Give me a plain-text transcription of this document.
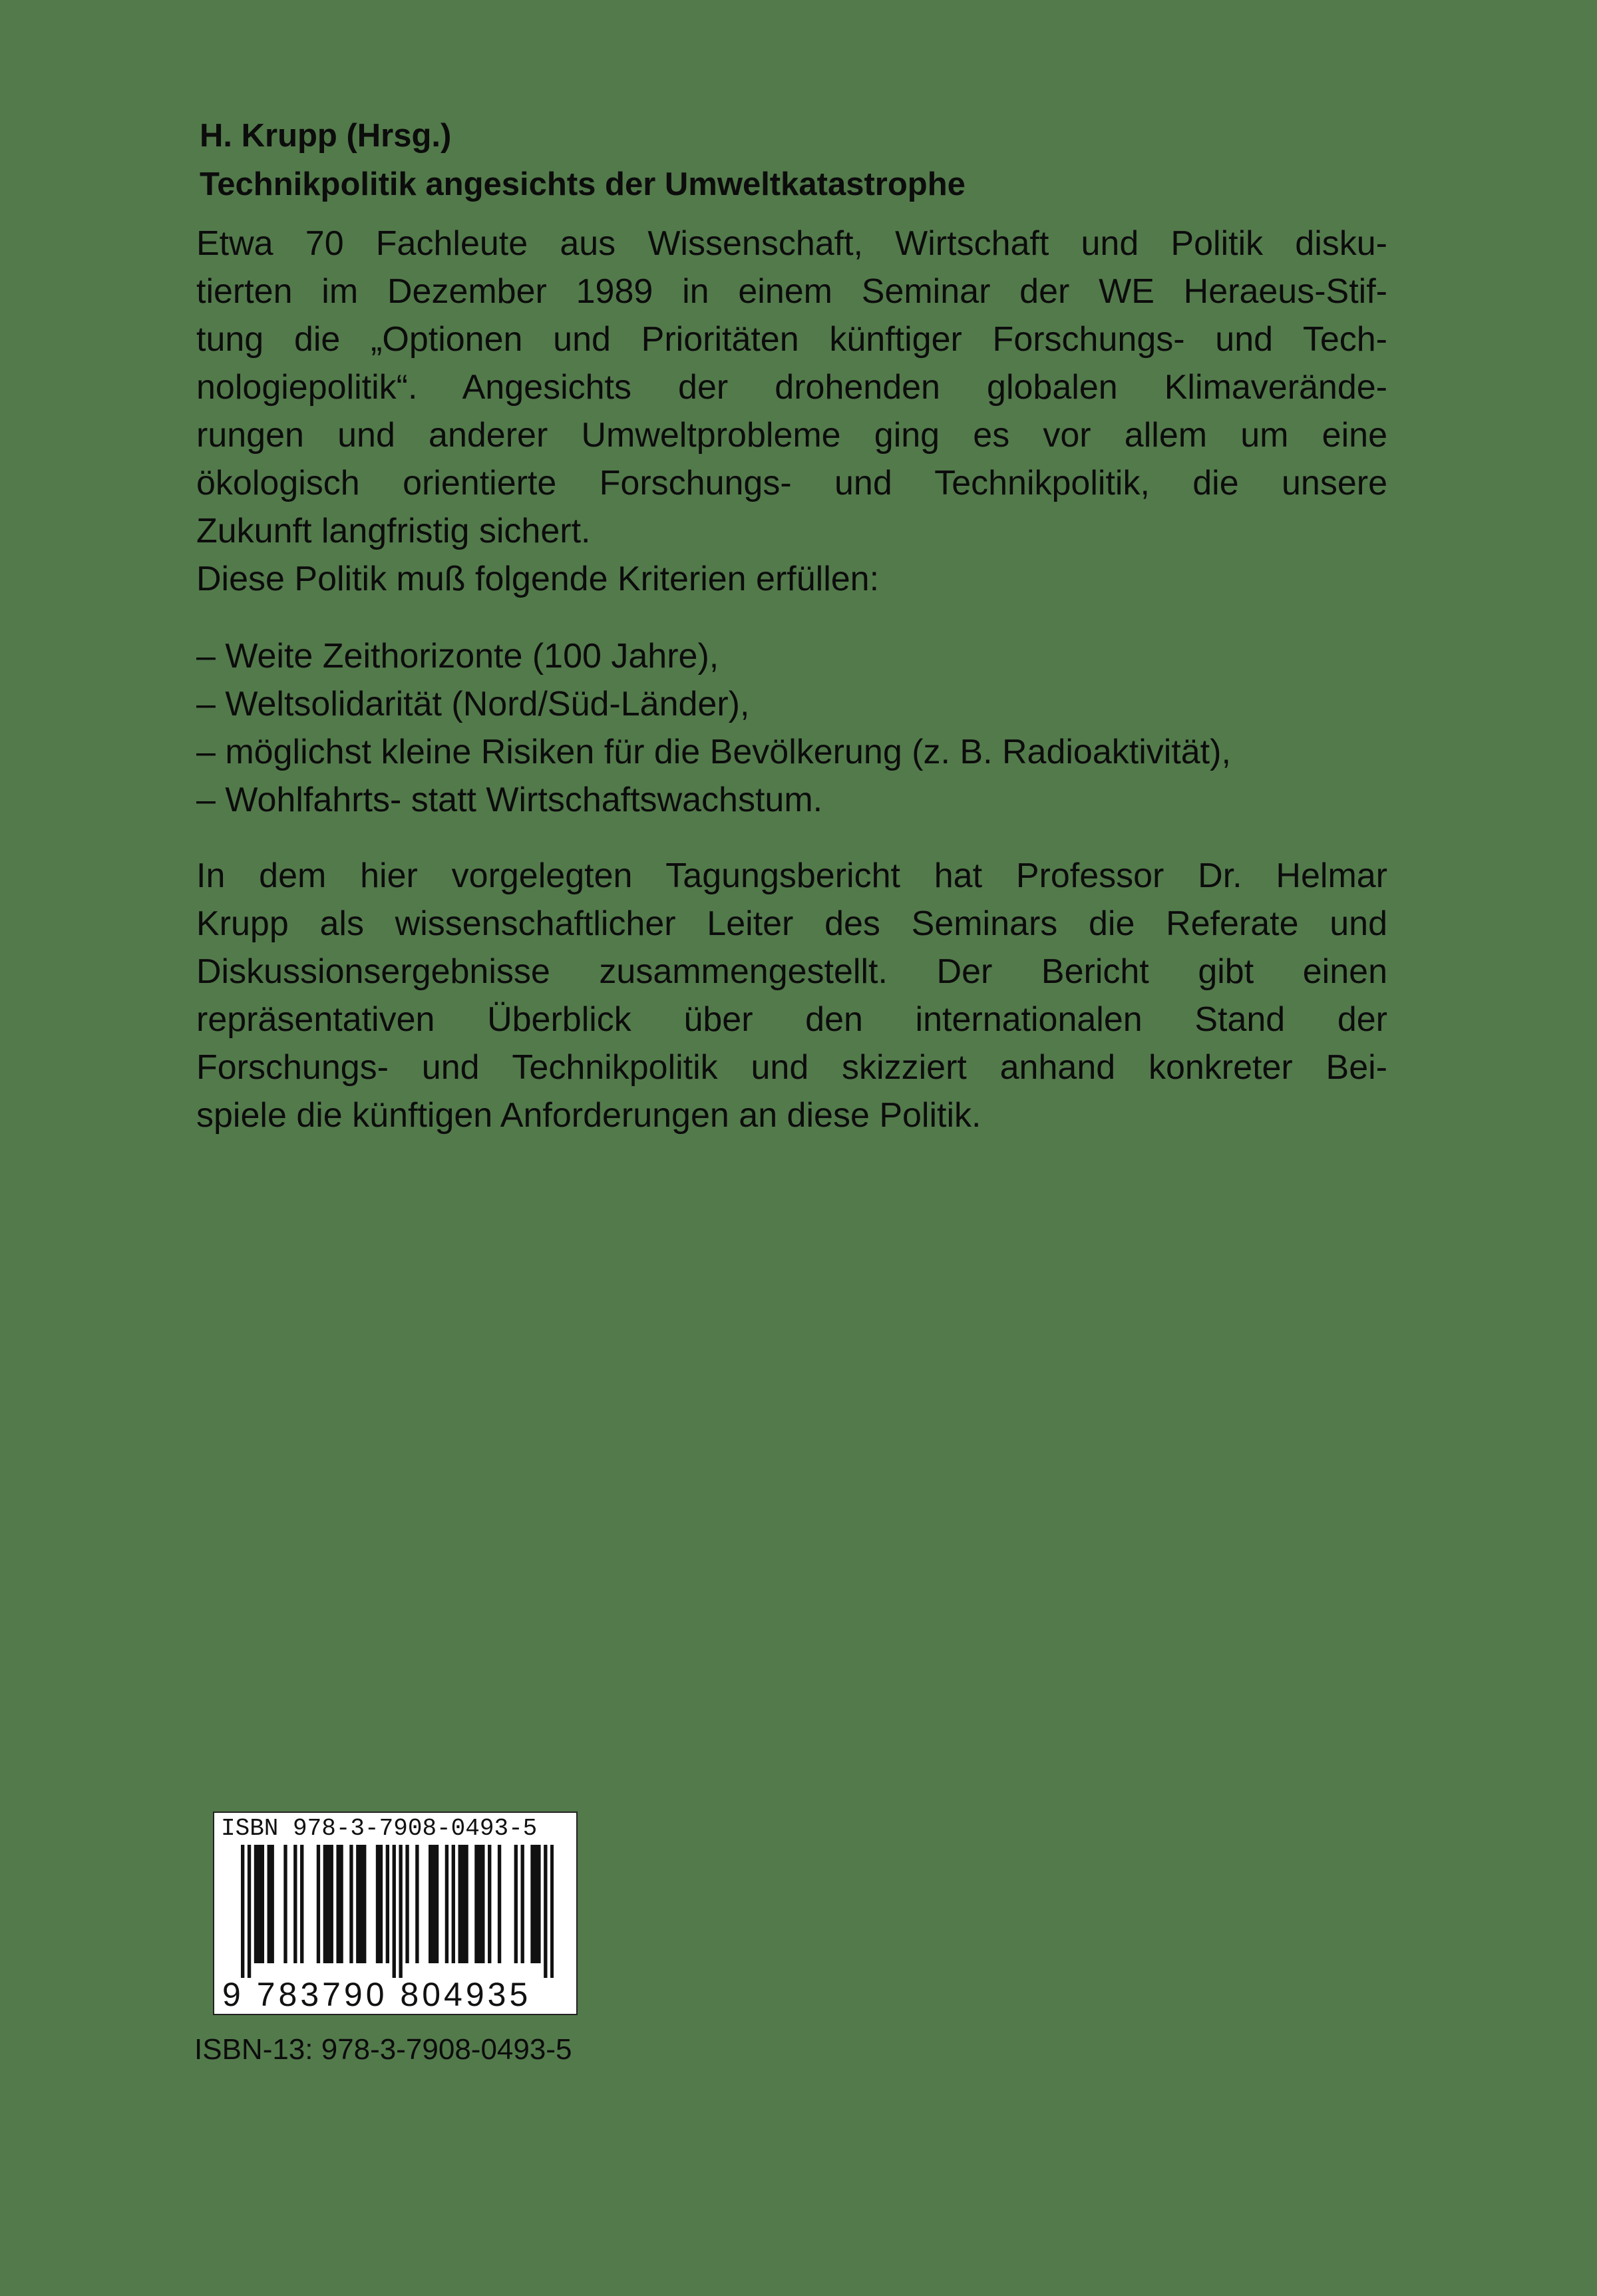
H. Krupp (Hrsg.)
Technikpolitik angesichts der Umweltkatastrophe
Etwa 70 Fachleute aus Wissenschaft, Wirtschaft und Politik disku-
tierten im Dezember 1989 in einem Seminar der WE Heraeus-Stif-
tung die „Optionen und Prioritäten künftiger Forschungs- und Tech-
nologiepolitik“. Angesichts der drohenden globalen Klimaverände-
rungen und anderer Umweltprobleme ging es vor allem um eine
ökologisch orientierte Forschungs- und Technikpolitik, die unsere
Zukunft langfristig sichert.
Diese Politik muß folgende Kriterien erfüllen:
– Weite Zeithorizonte (100 Jahre),
– Weltsolidarität (Nord/Süd-Länder),
– möglichst kleine Risiken für die Bevölkerung (z. B. Radioaktivität),
– Wohlfahrts- statt Wirtschaftswachstum.
In dem hier vorgelegten Tagungsbericht hat Professor Dr. Helmar
Krupp als wissenschaftlicher Leiter des Seminars die Referate und
Diskussionsergebnisse zusammengestellt. Der Bericht gibt einen
repräsentativen Überblick über den internationalen Stand der
Forschungs- und Technikpolitik und skizziert anhand konkreter Bei-
spiele die künftigen Anforderungen an diese Politik.
ISBN 978-3-7908-0493-5
9 783790 804935
ISBN-13: 978-3-7908-0493-5
